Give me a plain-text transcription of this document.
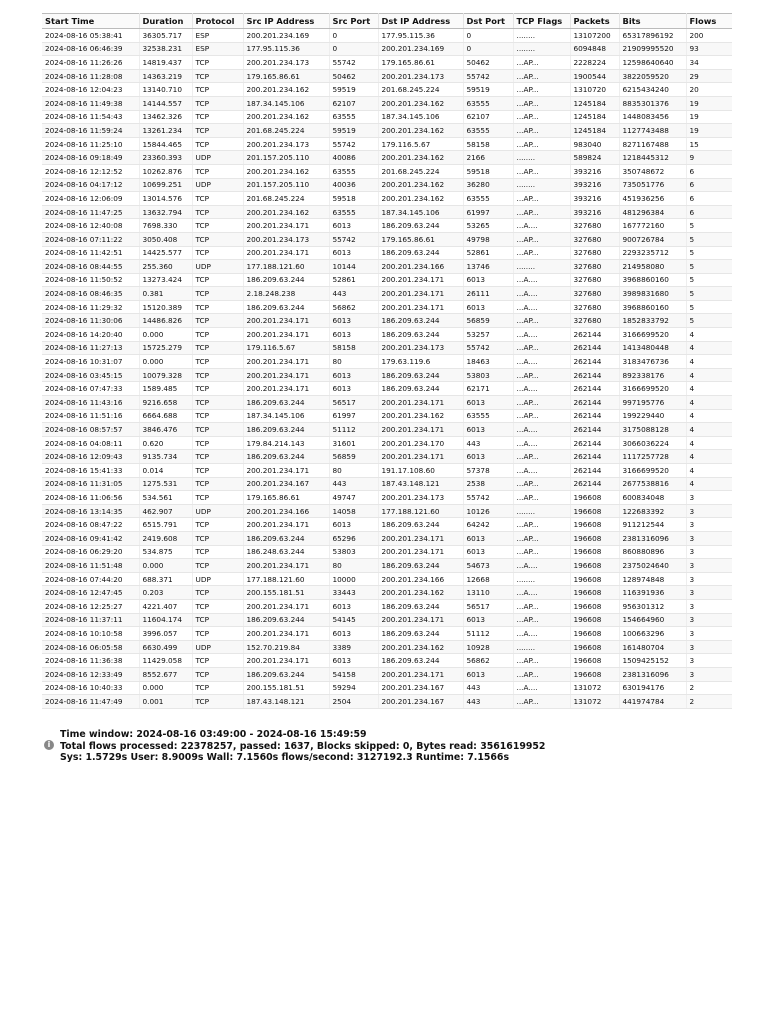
Start Time	Duration	Protocol	Src IP Address	Src Port	Dst IP Address	Dst Port	TCP Flags	Packets	Bits	Flows
2024-08-16 05:38:41	36305.717	ESP	200.201.234.169	0	177.95.115.36	0	........	13107200	65317896192	200
2024-08-16 06:46:39	32538.231	ESP	177.95.115.36	0	200.201.234.169	0	........	6094848	21909995520	93
2024-08-16 11:26:26	14819.437	TCP	200.201.234.173	55742	179.165.86.61	50462	...AP...	2228224	12598640640	34
2024-08-16 11:28:08	14363.219	TCP	179.165.86.61	50462	200.201.234.173	55742	...AP...	1900544	3822059520	29
2024-08-16 12:04:23	13140.710	TCP	200.201.234.162	59519	201.68.245.224	59519	...AP...	1310720	6215434240	20
2024-08-16 11:49:38	14144.557	TCP	187.34.145.106	62107	200.201.234.162	63555	...AP...	1245184	8835301376	19
2024-08-16 11:54:43	13462.326	TCP	200.201.234.162	63555	187.34.145.106	62107	...AP...	1245184	1448083456	19
2024-08-16 11:59:24	13261.234	TCP	201.68.245.224	59519	200.201.234.162	63555	...AP...	1245184	1127743488	19
2024-08-16 11:25:10	15844.465	TCP	200.201.234.173	55742	179.116.5.67	58158	...AP...	983040	8271167488	15
2024-08-16 09:18:49	23360.393	UDP	201.157.205.110	40086	200.201.234.162	2166	........	589824	1218445312	9
2024-08-16 12:12:52	10262.876	TCP	200.201.234.162	63555	201.68.245.224	59518	...AP...	393216	350748672	6
2024-08-16 04:17:12	10699.251	UDP	201.157.205.110	40036	200.201.234.162	36280	........	393216	735051776	6
2024-08-16 12:06:09	13014.576	TCP	201.68.245.224	59518	200.201.234.162	63555	...AP...	393216	451936256	6
2024-08-16 11:47:25	13632.794	TCP	200.201.234.162	63555	187.34.145.106	61997	...AP...	393216	481296384	6
2024-08-16 12:40:08	7698.330	TCP	200.201.234.171	6013	186.209.63.244	53265	...A....	327680	167772160	5
2024-08-16 07:11:22	3050.408	TCP	200.201.234.173	55742	179.165.86.61	49798	...AP...	327680	900726784	5
2024-08-16 11:42:51	14425.577	TCP	200.201.234.171	6013	186.209.63.244	52861	...AP...	327680	2293235712	5
2024-08-16 08:44:55	255.360	UDP	177.188.121.60	10144	200.201.234.166	13746	........	327680	214958080	5
2024-08-16 11:50:52	13273.424	TCP	186.209.63.244	52861	200.201.234.171	6013	...A....	327680	3968860160	5
2024-08-16 08:46:35	0.381	TCP	2.18.248.238	443	200.201.234.171	26111	...A....	327680	3989831680	5
2024-08-16 11:29:32	15120.389	TCP	186.209.63.244	56862	200.201.234.171	6013	...A....	327680	3968860160	5
2024-08-16 11:30:06	14486.826	TCP	200.201.234.171	6013	186.209.63.244	56859	...AP...	327680	1852833792	5
2024-08-16 14:20:40	0.000	TCP	200.201.234.171	6013	186.209.63.244	53257	...A....	262144	3166699520	4
2024-08-16 11:27:13	15725.279	TCP	179.116.5.67	58158	200.201.234.173	55742	...AP...	262144	1413480448	4
2024-08-16 10:31:07	0.000	TCP	200.201.234.171	80	179.63.119.6	18463	...A....	262144	3183476736	4
2024-08-16 03:45:15	10079.328	TCP	200.201.234.171	6013	186.209.63.244	53803	...AP...	262144	892338176	4
2024-08-16 07:47:33	1589.485	TCP	200.201.234.171	6013	186.209.63.244	62171	...A....	262144	3166699520	4
2024-08-16 11:43:16	9216.658	TCP	186.209.63.244	56517	200.201.234.171	6013	...AP...	262144	997195776	4
2024-08-16 11:51:16	6664.688	TCP	187.34.145.106	61997	200.201.234.162	63555	...AP...	262144	199229440	4
2024-08-16 08:57:57	3846.476	TCP	186.209.63.244	51112	200.201.234.171	6013	...A....	262144	3175088128	4
2024-08-16 04:08:11	0.620	TCP	179.84.214.143	31601	200.201.234.170	443	...A....	262144	3066036224	4
2024-08-16 12:09:43	9135.734	TCP	186.209.63.244	56859	200.201.234.171	6013	...AP...	262144	1117257728	4
2024-08-16 15:41:33	0.014	TCP	200.201.234.171	80	191.17.108.60	57378	...A....	262144	3166699520	4
2024-08-16 11:31:05	1275.531	TCP	200.201.234.167	443	187.43.148.121	2538	...AP...	262144	2677538816	4
2024-08-16 11:06:56	534.561	TCP	179.165.86.61	49747	200.201.234.173	55742	...AP...	196608	600834048	3
2024-08-16 13:14:35	462.907	UDP	200.201.234.166	14058	177.188.121.60	10126	........	196608	122683392	3
2024-08-16 08:47:22	6515.791	TCP	200.201.234.171	6013	186.209.63.244	64242	...AP...	196608	911212544	3
2024-08-16 09:41:42	2419.608	TCP	186.209.63.244	65296	200.201.234.171	6013	...AP...	196608	2381316096	3
2024-08-16 06:29:20	534.875	TCP	186.248.63.244	53803	200.201.234.171	6013	...AP...	196608	860880896	3
2024-08-16 11:51:48	0.000	TCP	200.201.234.171	80	186.209.63.244	54673	...A....	196608	2375024640	3
2024-08-16 07:44:20	688.371	UDP	177.188.121.60	10000	200.201.234.166	12668	........	196608	128974848	3
2024-08-16 12:47:45	0.203	TCP	200.155.181.51	33443	200.201.234.162	13110	...A....	196608	116391936	3
2024-08-16 12:25:27	4221.407	TCP	200.201.234.171	6013	186.209.63.244	56517	...AP...	196608	956301312	3
2024-08-16 11:37:11	11604.174	TCP	186.209.63.244	54145	200.201.234.171	6013	...AP...	196608	154664960	3
2024-08-16 10:10:58	3996.057	TCP	200.201.234.171	6013	186.209.63.244	51112	...A....	196608	100663296	3
2024-08-16 06:05:58	6630.499	UDP	152.70.219.84	3389	200.201.234.162	10928	........	196608	161480704	3
2024-08-16 11:36:38	11429.058	TCP	200.201.234.171	6013	186.209.63.244	56862	...AP...	196608	1509425152	3
2024-08-16 12:33:49	8552.677	TCP	186.209.63.244	54158	200.201.234.171	6013	...AP...	196608	2381316096	3
2024-08-16 10:40:33	0.000	TCP	200.155.181.51	59294	200.201.234.167	443	...A....	131072	630194176	2
2024-08-16 11:47:49	0.001	TCP	187.43.148.121	2504	200.201.234.167	443	...AP...	131072	441974784	2
i
Time window: 2024-08-16 03:49:00 - 2024-08-16 15:49:59
Total flows processed: 22378257, passed: 1637, Blocks skipped: 0, Bytes read: 3561619952
Sys: 1.5729s User: 8.9009s Wall: 7.1560s flows/second: 3127192.3 Runtime: 7.1566s
